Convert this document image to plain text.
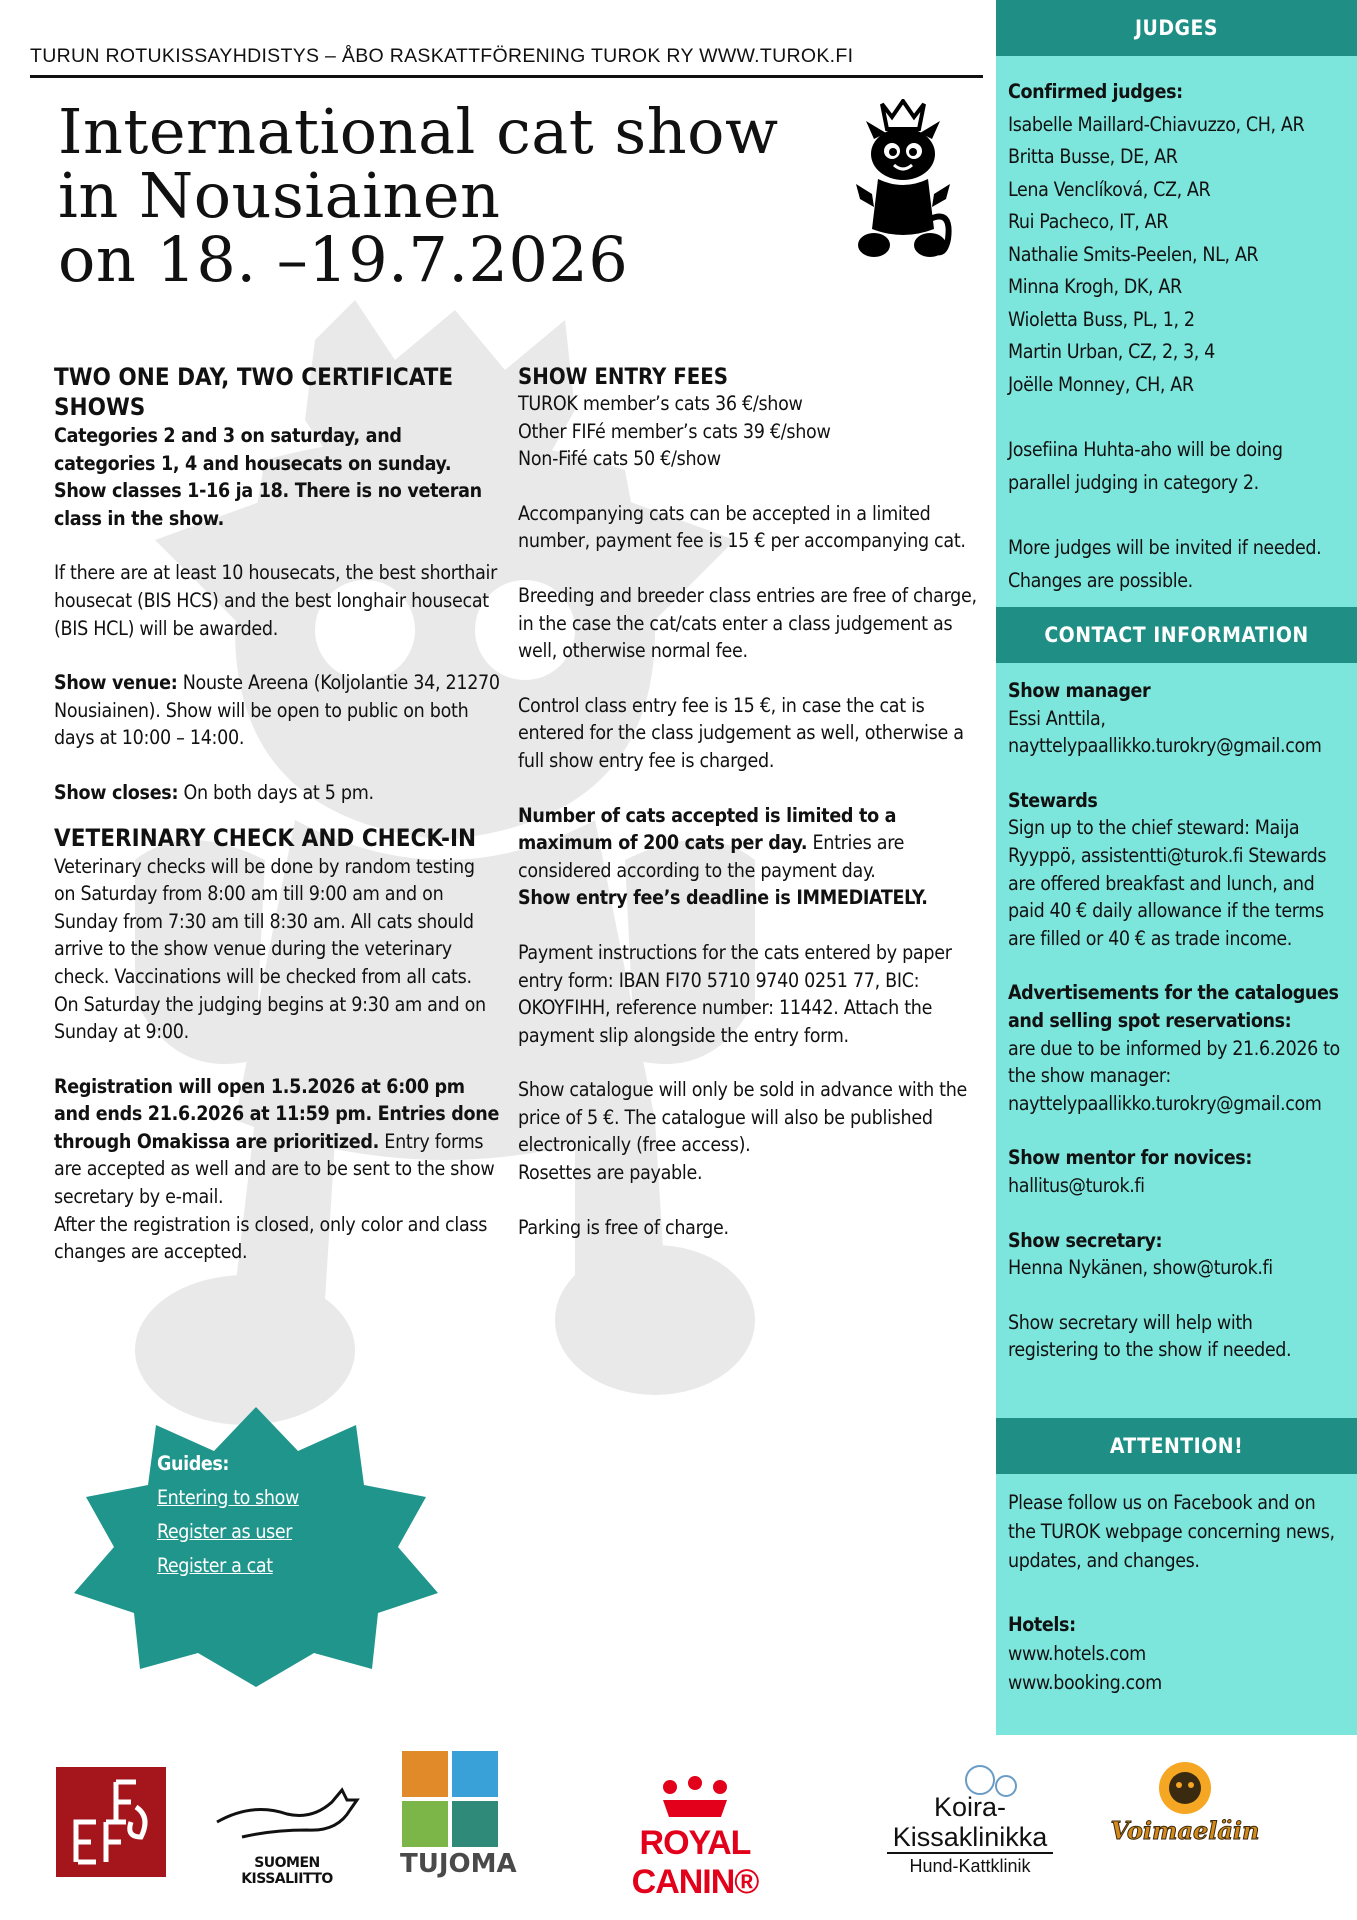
TURUN ROTUKISSAYHDISTYS – ÅBO RASKATTFÖRENING TUROK RY WWW.TUROK.FI
International cat show
in Nousiainen
on 18. –19.7.2026
TWO ONE DAY, TWO CERTIFICATE SHOWS

Categories 2 and 3 on saturday, and categories 1, 4 and housecats on sunday. Show classes 1-16 ja 18. There is no veteran class in the show.

If there are at least 10 housecats, the best shorthair housecat (BIS HCS) and the best longhair housecat (BIS HCL) will be awarded.

Show venue: Nouste Areena (Koljolantie 34, 21270 Nousiainen). Show will be open to public on both days at 10:00 – 14:00.

Show closes: On both days at 5 pm.

VETERINARY CHECK AND CHECK-IN

Veterinary checks will be done by random testing on Saturday from 8:00 am till 9:00 am and on Sunday from 7:30 am till 8:30 am. All cats should arrive to the show venue during the veterinary check. Vaccinations will be checked from all cats. On Saturday the judging begins at 9:30 am and on Sunday at 9:00.

Registration will open 1.5.2026 at 6:00 pm and ends 21.6.2026 at 11:59 pm. Entries done through Omakissa are prioritized. Entry forms are accepted as well and are to be sent to the show secretary by e-mail.

After the registration is closed, only color and class changes are accepted.

SHOW ENTRY FEES

TUROK member’s cats 36 €/show
Other FIFé member’s cats 39 €/show
Non-Fifé cats 50 €/show

Accompanying cats can be accepted in a limited number, payment fee is 15 € per accompanying cat.

Breeding and breeder class entries are free of charge, in the case the cat/cats enter a class judgement as well, otherwise normal fee.

Control class entry fee is 15 €, in case the cat is entered for the class judgement as well, otherwise a full show entry fee is charged.

Number of cats accepted is limited to a maximum of 200 cats per day. Entries are considered according to the payment day.
Show entry fee’s deadline is IMMEDIATELY.

Payment instructions for the cats entered by paper entry form: IBAN FI70 5710 9740 0251 77, BIC: OKOYFIHH, reference number: 11442. Attach the payment slip alongside the entry form.

Show catalogue will only be sold in advance with the price of 5 €. The catalogue will also be published electronically (free access).
Rosettes are payable.

Parking is free of charge.

Guides:
Entering to show
Register as user
Register a cat
JUDGES
Confirmed judges:
Isabelle Maillard-Chiavuzzo, CH, AR
Britta Busse, DE, AR
Lena Venclíková, CZ, AR
Rui Pacheco, IT, AR
Nathalie Smits-Peelen, NL, AR
Minna Krogh, DK, AR
Wioletta Buss, PL, 1, 2
Martin Urban, CZ, 2, 3, 4
Joëlle Monney, CH, AR
Josefiina Huhta-aho will be doing parallel judging in category 2.
More judges will be invited if needed. Changes are possible.
CONTACT INFORMATION
Show manager
Essi Anttila,
nayttelypaallikko.turokry@gmail.com
Stewards
Sign up to the chief steward: Maija Ryyppö, assistentti@turok.fi Stewards are offered breakfast and lunch, and paid 40 € daily allowance if the terms are filled or 40 € as trade income.
Advertisements for the catalogues and selling spot reservations:
are due to be informed by 21.6.2026 to the show manager: nayttelypaallikko.turokry@gmail.com
Show mentor for novices:
hallitus@turok.fi
Show secretary:
Henna Nykänen, show@turok.fi
Show secretary will help with registering to the show if needed.
ATTENTION!
Please follow us on Facebook and on the TUROK webpage concerning news, updates, and changes.
Hotels:
www.hotels.com
www.booking.com
SUOMEN KISSALIITTO	TUJOMA
ROYAL CANIN®
Koira-
Kissaklinikka
Hund-Kattklinik
Voimaeläin
